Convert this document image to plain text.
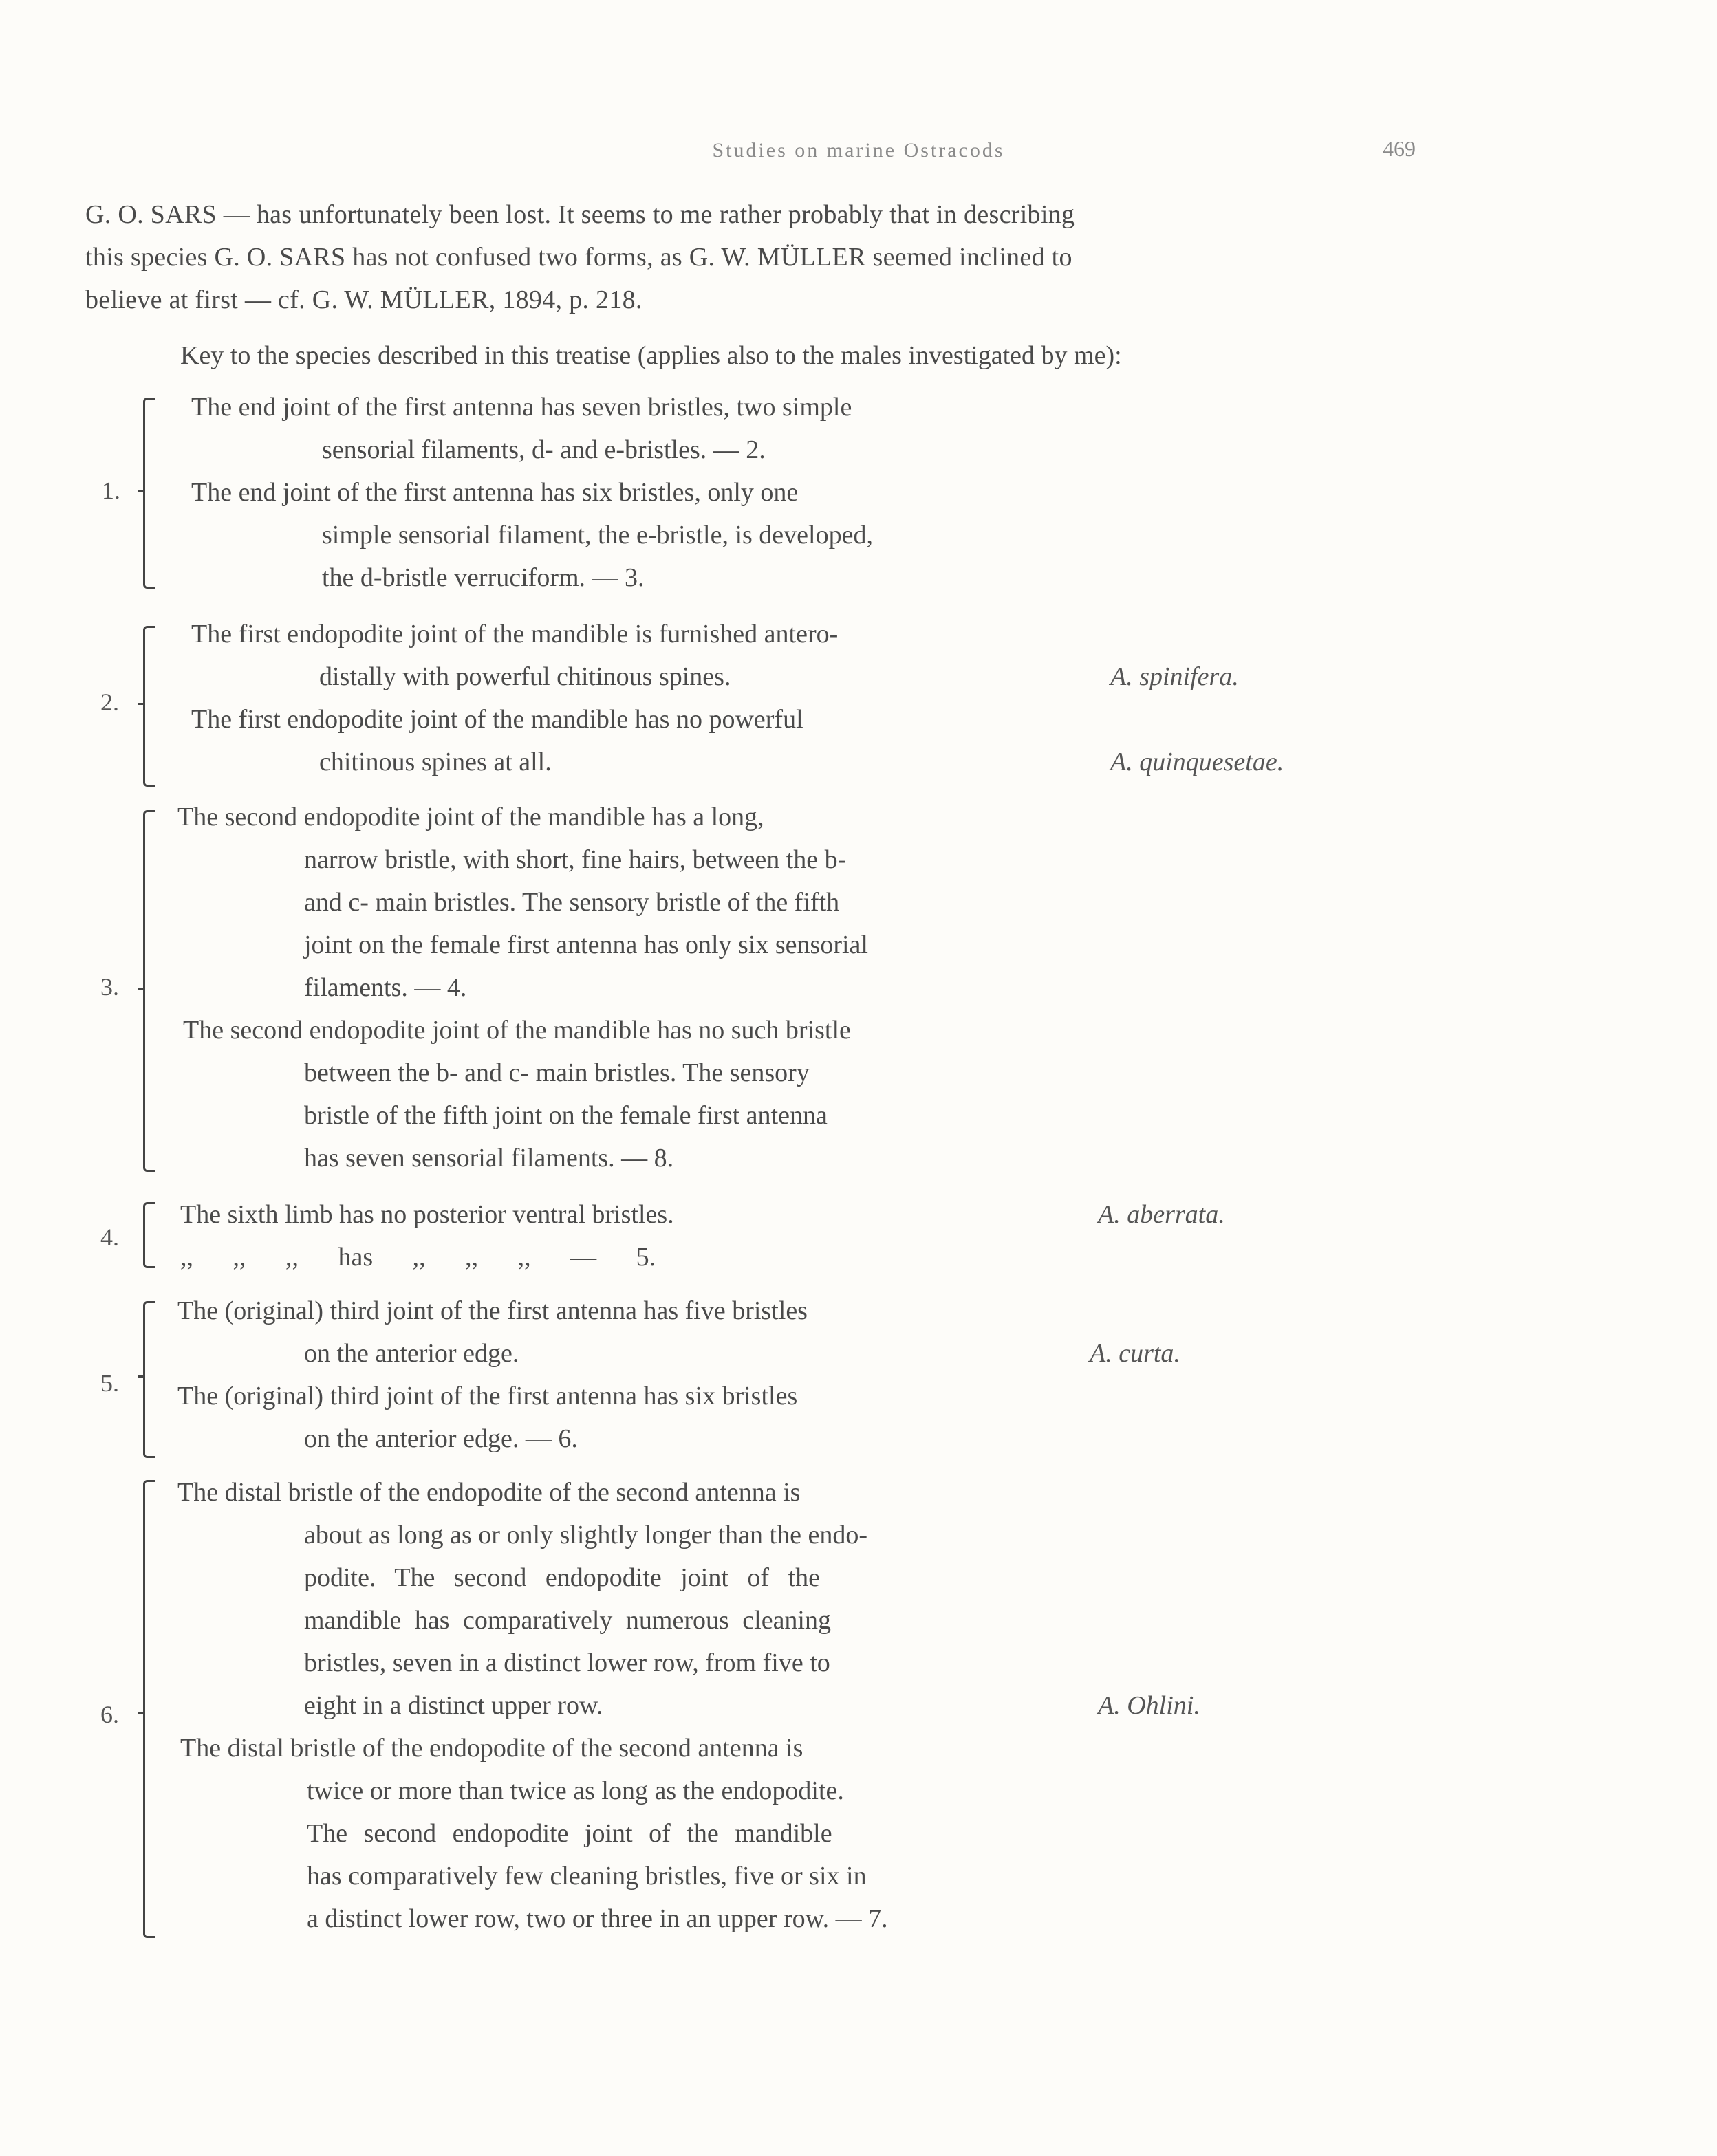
Studies on marine Ostracods	469
G. O. SARS — has unfortunately been lost. It seems to me rather probably that in describing
this species G. O. SARS has not confused two forms, as G. W. MÜLLER seemed inclined to
believe at first — cf. G. W. MÜLLER, 1894, p. 218.
Key to the species described in this treatise (applies also to the males investigated by me):
1.
The end joint of the first antenna has seven bristles, two simple
sensorial filaments, d- and e-bristles. — 2.
The end joint of the first antenna has six bristles, only one
simple sensorial filament, the e-bristle, is developed,
the d-bristle verruciform. — 3.
2.
The first endopodite joint of the mandible is furnished antero-
distally with powerful chitinous spines.	A. spinifera.
The first endopodite joint of the mandible has no powerful
chitinous spines at all.	A. quinquesetae.
3.
The second endopodite joint of the mandible has a long,
narrow bristle, with short, fine hairs, between the b-
and c- main bristles. The sensory bristle of the fifth
joint on the female first antenna has only six sensorial
filaments. — 4.
The second endopodite joint of the mandible has no such bristle
between the b- and c- main bristles. The sensory
bristle of the fifth joint on the female first antenna
has seven sensorial filaments. — 8.
4.
The sixth limb has no posterior ventral bristles.	A. aberrata.
,, ,, ,, has ,, ,, ,, — 5.
5.
The (original) third joint of the first antenna has five bristles
on the anterior edge.	A. curta.
The (original) third joint of the first antenna has six bristles
on the anterior edge. — 6.
6.
The distal bristle of the endopodite of the second antenna is
about as long as or only slightly longer than the endo-
podite. The second endopodite joint of the
mandible has comparatively numerous cleaning
bristles, seven in a distinct lower row, from five to
eight in a distinct upper row.	A. Ohlini.
The distal bristle of the endopodite of the second antenna is
twice or more than twice as long as the endopodite.
The second endopodite joint of the mandible
has comparatively few cleaning bristles, five or six in
a distinct lower row, two or three in an upper row. — 7.
